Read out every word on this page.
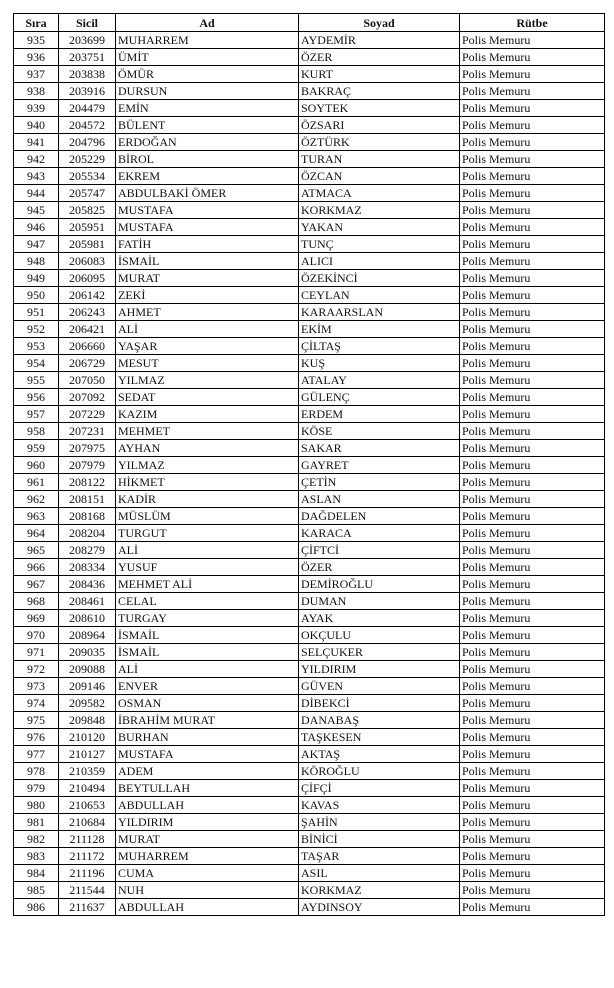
Sıra	Sicil	Ad	Soyad	Rütbe
935	203699	MUHARREM	AYDEMİR	Polis Memuru
936	203751	ÜMİT	ÖZER	Polis Memuru
937	203838	ÖMÜR	KURT	Polis Memuru
938	203916	DURSUN	BAKRAÇ	Polis Memuru
939	204479	EMİN	SOYTEK	Polis Memuru
940	204572	BÜLENT	ÖZSARI	Polis Memuru
941	204796	ERDOĞAN	ÖZTÜRK	Polis Memuru
942	205229	BİROL	TURAN	Polis Memuru
943	205534	EKREM	ÖZCAN	Polis Memuru
944	205747	ABDULBAKİ ÖMER	ATMACA	Polis Memuru
945	205825	MUSTAFA	KORKMAZ	Polis Memuru
946	205951	MUSTAFA	YAKAN	Polis Memuru
947	205981	FATİH	TUNÇ	Polis Memuru
948	206083	İSMAİL	ALICI	Polis Memuru
949	206095	MURAT	ÖZEKİNCİ	Polis Memuru
950	206142	ZEKİ	CEYLAN	Polis Memuru
951	206243	AHMET	KARAARSLAN	Polis Memuru
952	206421	ALİ	EKİM	Polis Memuru
953	206660	YAŞAR	ÇİLTAŞ	Polis Memuru
954	206729	MESUT	KUŞ	Polis Memuru
955	207050	YILMAZ	ATALAY	Polis Memuru
956	207092	SEDAT	GÜLENÇ	Polis Memuru
957	207229	KAZIM	ERDEM	Polis Memuru
958	207231	MEHMET	KÖSE	Polis Memuru
959	207975	AYHAN	SAKAR	Polis Memuru
960	207979	YILMAZ	GAYRET	Polis Memuru
961	208122	HİKMET	ÇETİN	Polis Memuru
962	208151	KADİR	ASLAN	Polis Memuru
963	208168	MÜSLÜM	DAĞDELEN	Polis Memuru
964	208204	TURGUT	KARACA	Polis Memuru
965	208279	ALİ	ÇİFTCİ	Polis Memuru
966	208334	YUSUF	ÖZER	Polis Memuru
967	208436	MEHMET ALİ	DEMİROĞLU	Polis Memuru
968	208461	CELAL	DUMAN	Polis Memuru
969	208610	TURGAY	AYAK	Polis Memuru
970	208964	İSMAİL	OKÇULU	Polis Memuru
971	209035	İSMAİL	SELÇUKER	Polis Memuru
972	209088	ALİ	YILDIRIM	Polis Memuru
973	209146	ENVER	GÜVEN	Polis Memuru
974	209582	OSMAN	DİBEKCİ	Polis Memuru
975	209848	İBRAHİM MURAT	DANABAŞ	Polis Memuru
976	210120	BURHAN	TAŞKESEN	Polis Memuru
977	210127	MUSTAFA	AKTAŞ	Polis Memuru
978	210359	ADEM	KÖROĞLU	Polis Memuru
979	210494	BEYTULLAH	ÇİFÇİ	Polis Memuru
980	210653	ABDULLAH	KAVAS	Polis Memuru
981	210684	YILDIRIM	ŞAHİN	Polis Memuru
982	211128	MURAT	BİNİCİ	Polis Memuru
983	211172	MUHARREM	TAŞAR	Polis Memuru
984	211196	CUMA	ASIL	Polis Memuru
985	211544	NUH	KORKMAZ	Polis Memuru
986	211637	ABDULLAH	AYDINSOY	Polis Memuru
